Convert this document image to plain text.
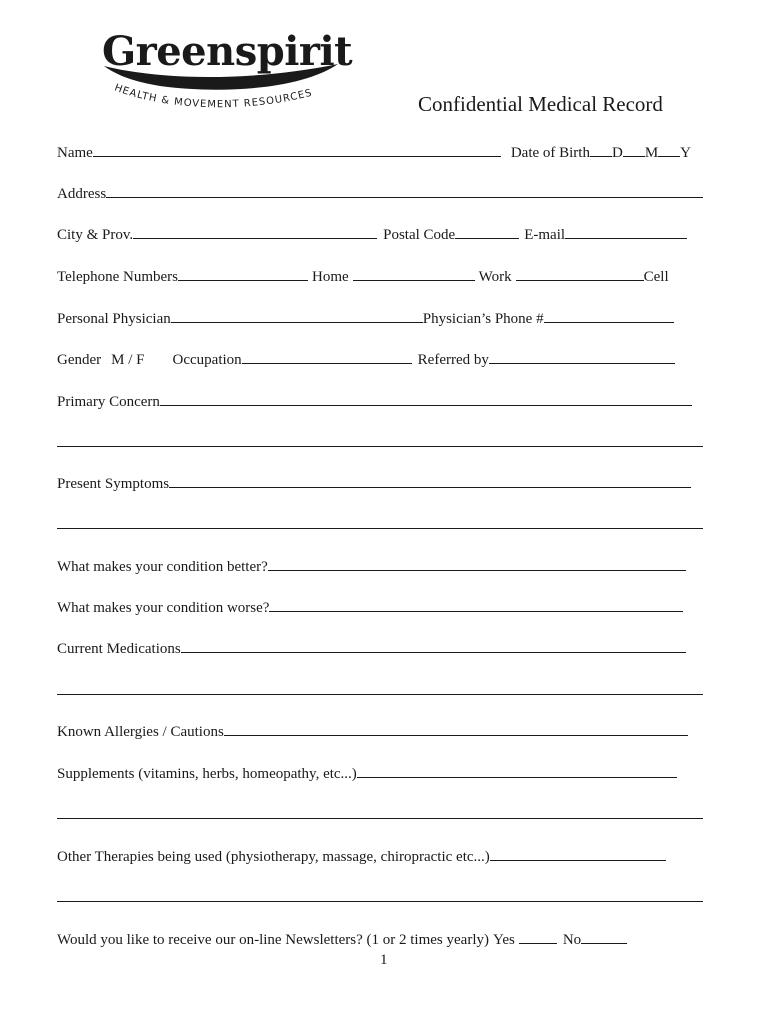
HEALTH & MOVEMENT RESOURCES
Greenspirit
Confidential Medical Record
Name	Date of Birth D M Y
Address
City & Prov.	Postal Code	E-mail
Telephone Numbers	Home	Work	Cell
Personal Physician	Physician’s Phone #
Gender M / F Occupation	Referred by
Primary Concern
Present Symptoms
What makes your condition better?
What makes your condition worse?
Current Medications
Known Allergies / Cautions
Supplements (vitamins, herbs, homeopathy, etc...)
Other Therapies being used (physiotherapy, massage, chiropractic etc...)
Would you like to receive our on-line Newsletters? (1 or 2 times yearly) Yes	No
1
